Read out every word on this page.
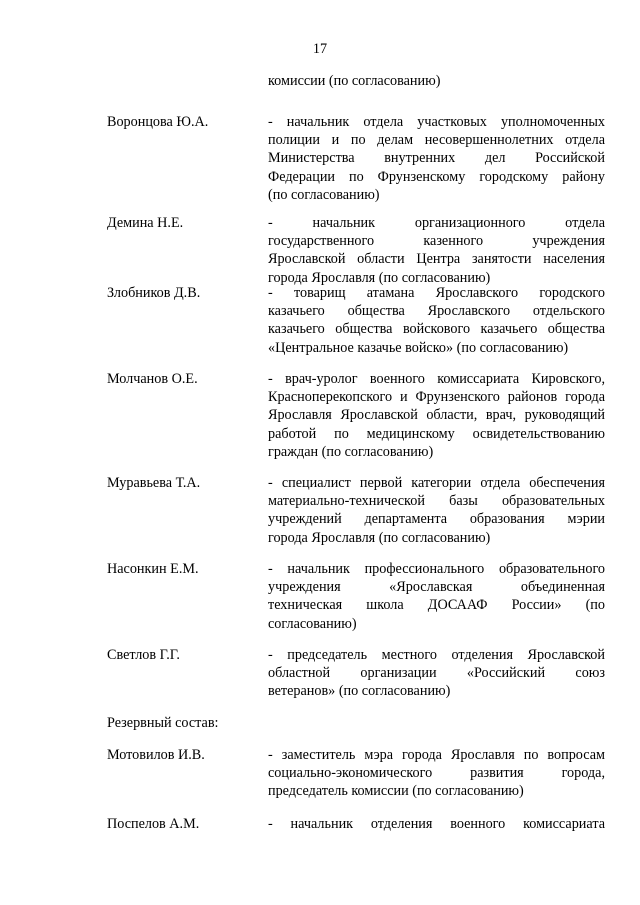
17
комиссии (по согласованию)
Воронцова Ю.А.	- начальник отдела участковых уполномоченных
полиции и по делам несовершеннолетних отдела
Министерства внутренних дел Российской
Федерации по Фрунзенскому городскому району
(по согласованию)
Демина Н.Е.	- начальник организационного отдела
государственного казенного учреждения
Ярославской области Центра занятости населения
города Ярославля (по согласованию)
Злобников Д.В.	- товарищ атамана Ярославского городского
казачьего общества Ярославского отдельского
казачьего общества войскового казачьего общества
«Центральное казачье войско» (по согласованию)
Молчанов О.Е.	- врач-уролог военного комиссариата Кировского,
Красноперекопского и Фрунзенского районов города
Ярославля Ярославской области, врач, руководящий
работой по медицинскому освидетельствованию
граждан (по согласованию)
Муравьева Т.А.	- специалист первой категории отдела обеспечения
материально-технической базы образовательных
учреждений департамента образования мэрии
города Ярославля (по согласованию)
Насонкин Е.М.	- начальник профессионального образовательного
учреждения «Ярославская объединенная
техническая школа ДОСААФ России» (по
согласованию)
Светлов Г.Г.	- председатель местного отделения Ярославской
областной организации «Российский союз
ветеранов» (по согласованию)
Резервный состав:
Мотовилов И.В.	- заместитель мэра города Ярославля по вопросам
социально-экономического развития города,
председатель комиссии (по согласованию)
Поспелов А.М.	- начальник отделения военного комиссариата
